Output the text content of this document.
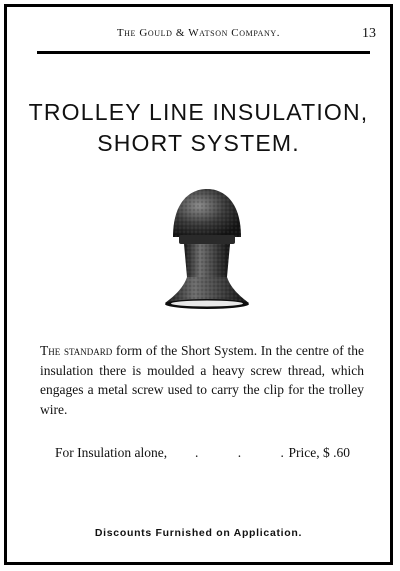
The Gould & Watson Company.	13
TROLLEY LINE INSULATION,
SHORT SYSTEM.
The standard form of the Short System. In the centre of the insulation there is moulded a heavy screw thread, which engages a metal screw used to carry the clip for the trolley wire.
For Insulation alone, . . .
Price, $ .60
Discounts Furnished on Application.
